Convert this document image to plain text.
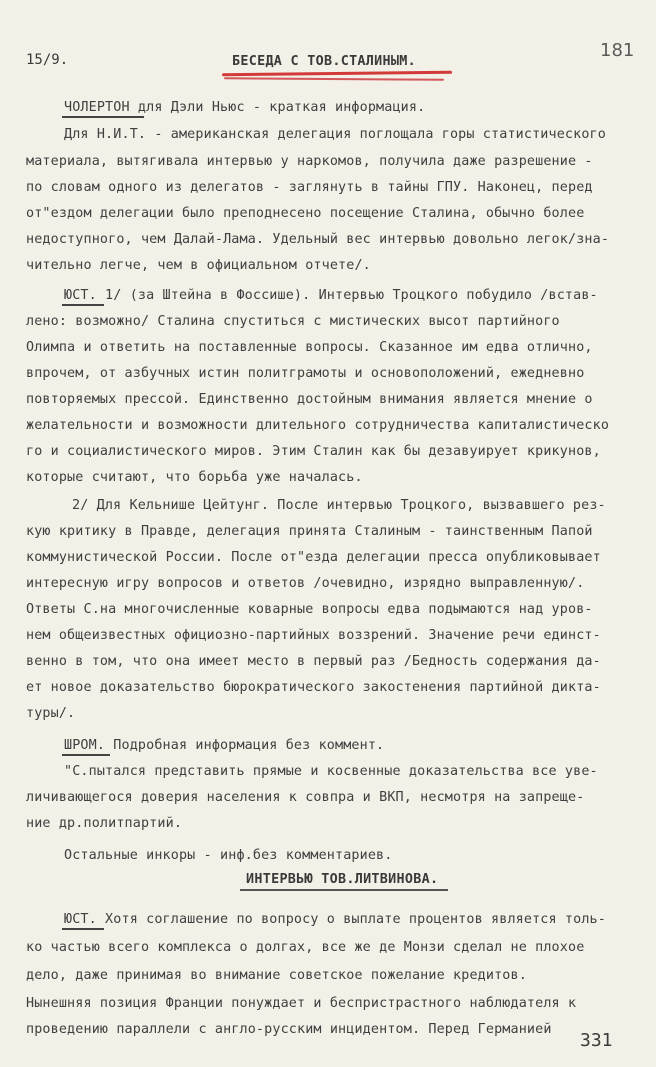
15/9.	БЕСЕДА С ТОВ.СТАЛИНЫМ.
181
ЧОЛЕРТОН для Дэли Ньюс - краткая информация.
Для Н.И.Т. - американская делегация поглощала горы статистического
материала, вытягивала интервью у наркомов, получила даже разрешение -
по словам одного из делегатов - заглянуть в тайны ГПУ. Наконец, перед
от"ездом делегации было преподнесено посещение Сталина, обычно более
недоступного, чем Далай-Лама. Удельный вес интервью довольно легок/зна-
чительно легче, чем в официальном отчете/.
ЮСТ. 1/ (за Штейна в Фоссише). Интервью Троцкого побудило /встав-
лено: возможно/ Сталина спуститься с мистических высот партийного
Олимпа и ответить на поставленные вопросы. Сказанное им едва отлично,
впрочем, от азбучных истин политграмоты и основоположений, ежедневно
повторяемых прессой. Единственно достойным внимания является мнение о
желательности и возможности длительного сотрудничества капиталистическо
го и социалистического миров. Этим Сталин как бы дезавуирует крикунов,
которые считают, что борьба уже началась.
2/ Для Кельнише Цейтунг. После интервью Троцкого, вызвавшего рез-
кую критику в Правде, делегация принята Сталиным - таинственным Папой
коммунистической России. После от"езда делегации пресса опубликовывает
интересную игру вопросов и ответов /очевидно, изрядно выправленную/.
Ответы С.на многочисленные коварные вопросы едва подымаются над уров-
нем общеизвестных официозно-партийных воззрений. Значение речи единст-
венно в том, что она имеет место в первый раз /Бедность содержания да-
ет новое доказательство бюрократического закостенения партийной дикта-
туры/.
ШРОМ. Подробная информация без коммент.
"С.пытался представить прямые и косвенные доказательства все уве-
личивающегося доверия населения к совпра и ВКП, несмотря на запреще-
ние др.политпартий.
Остальные инкоры - инф.без комментариев.
ИНТЕРВЬЮ ТОВ.ЛИТВИНОВА.
ЮСТ. Хотя соглашение по вопросу о выплате процентов является толь-
ко частью всего комплекса о долгах, все же де Монзи сделал не плохое
дело, даже принимая во внимание советское пожелание кредитов.
Нынешняя позиция Франции понуждает и беспристрастного наблюдателя к
проведению параллели с англо-русским инцидентом. Перед Германией
331
